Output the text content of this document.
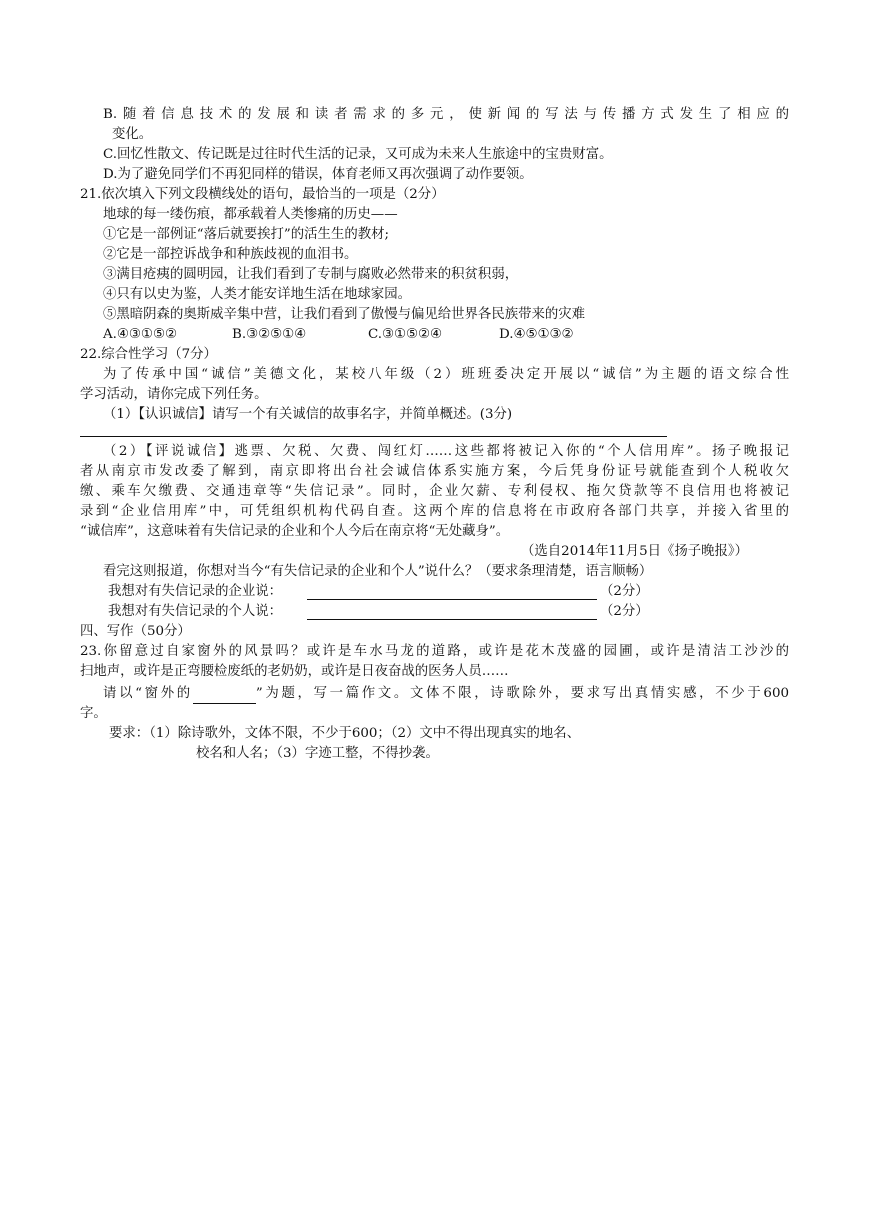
B.随着信息技术的发展和读者需求的多元，使新闻的写法与传播方式发生了相应的
变化。
C.回忆性散文、传记既是过往时代生活的记录，又可成为未来人生旅途中的宝贵财富。
D.为了避免同学们不再犯同样的错误，体育老师又再次强调了动作要领。
21.依次填入下列文段横线处的语句，最恰当的一项是（2分）
地球的每一缕伤痕，都承载着人类惨痛的历史——
①它是一部例证“落后就要挨打”的活生生的教材;
②它是一部控诉战争和种族歧视的血泪书。
③满目疮痍的圆明园，让我们看到了专制与腐败必然带来的积贫积弱，
④只有以史为鉴，人类才能安详地生活在地球家园。
⑤黑暗阴森的奥斯威辛集中营，让我们看到了傲慢与偏见给世界各民族带来的灾难
A.④③①⑤②	B.③②⑤①④	C.③①⑤②④	D.④⑤①③②
22.综合性学习（7分）
为了传承中国“诚信”美德文化，某校八年级（2）班班委决定开展以“诚信”为主题的语文综合性
学习活动，请你完成下列任务。
（1）【认识诚信】请写一个有关诚信的故事名字，并简单概述。(3分)
（2）【评说诚信】逃票、欠税、欠费、闯红灯……这些都将被记入你的“个人信用库”。扬子晚报记
者从南京市发改委了解到，南京即将出台社会诚信体系实施方案，今后凭身份证号就能查到个人税收欠
缴、乘车欠缴费、交通违章等“失信记录”。同时，企业欠薪、专利侵权、拖欠贷款等不良信用也将被记
录到“企业信用库”中，可凭组织机构代码自查。这两个库的信息将在市政府各部门共享，并接入省里的
“诚信库”，这意味着有失信记录的企业和个人今后在南京将“无处藏身”。
（选自2014年11月5日《扬子晚报》）
看完这则报道，你想对当今“有失信记录的企业和个人”说什么？（要求条理清楚，语言顺畅）
我想对有失信记录的企业说：	（2分）
我想对有失信记录的个人说：	（2分）
四、写作（50分）
23.你留意过自家窗外的风景吗？或许是车水马龙的道路，或许是花木茂盛的园圃，或许是清洁工沙沙的
扫地声，或许是正弯腰检废纸的老奶奶，或许是日夜奋战的医务人员……
请以“窗外的	”为题，写一篇作文。文体不限，诗歌除外，要求写出真情实感，不少于600
字。
要求：（1）除诗歌外，文体不限，不少于600；（2）文中不得出现真实的地名、
校名和人名；（3）字迹工整，不得抄袭。
